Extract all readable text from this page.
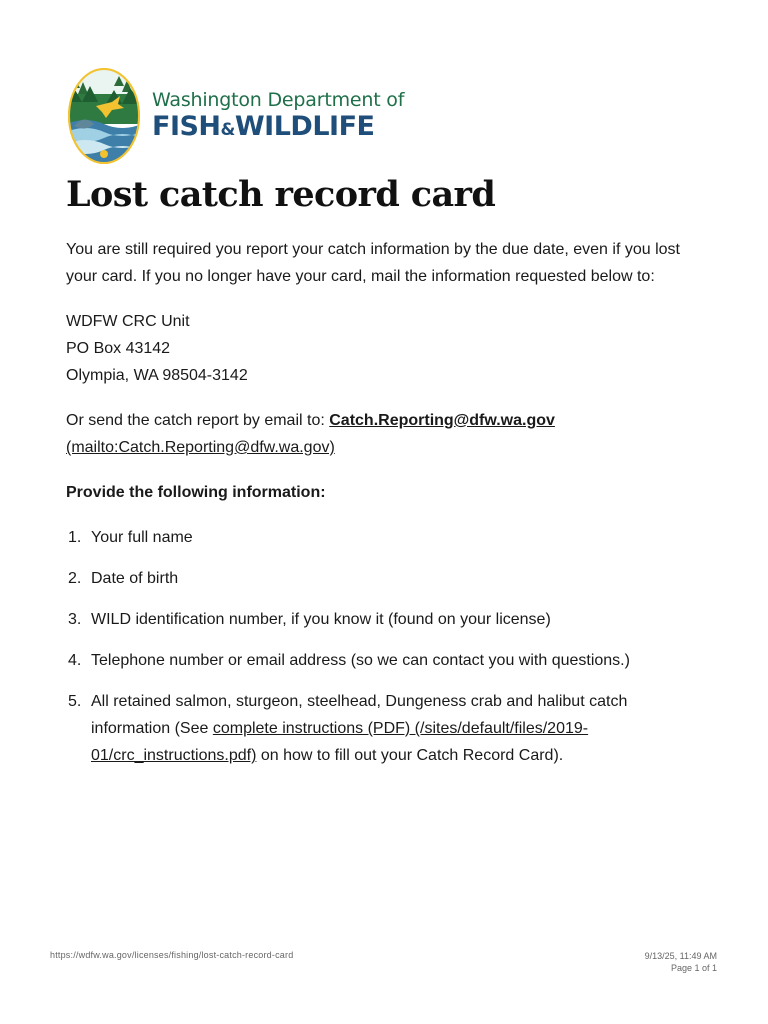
Washington Department of
FISH&WILDLIFE
Lost catch record card

You are still required you report your catch information by the due date, even if you lost your card. If you no longer have your card, mail the information requested below to:

WDFW CRC Unit
PO Box 43142
Olympia, WA 98504-3142

Or send the catch report by email to: Catch.Reporting@dfw.wa.gov
(mailto:Catch.Reporting@dfw.wa.gov)

Provide the following information:

1. Your full name
2. Date of birth
3. WILD identification number, if you know it (found on your license)
4. Telephone number or email address (so we can contact you with questions.)
5. All retained salmon, sturgeon, steelhead, Dungeness crab and halibut catch information (See complete instructions (PDF) (/sites/default/files/2019-01/crc_instructions.pdf) on how to fill out your Catch Record Card).
https://wdfw.wa.gov/licenses/fishing/lost-catch-record-card	9/13/25, 11:49 AM
Page 1 of 1
